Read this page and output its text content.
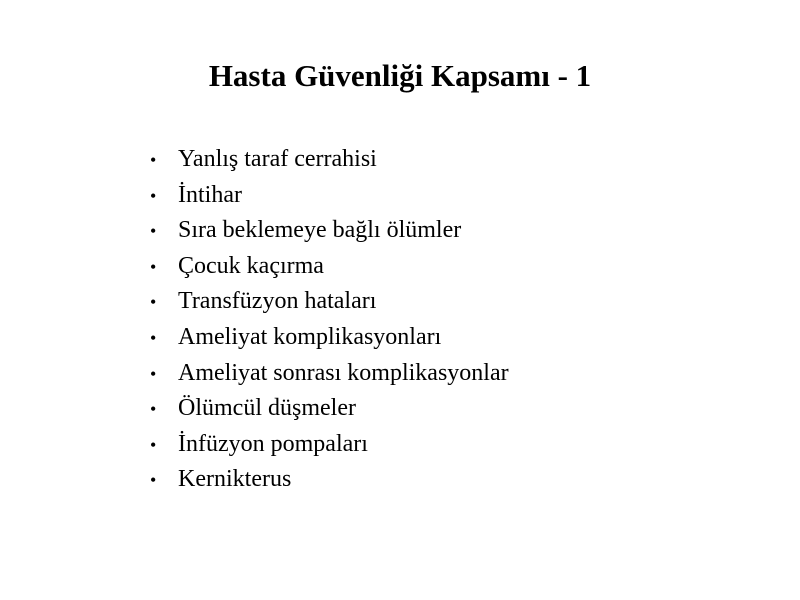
Hasta Güvenliği Kapsamı - 1
• Yanlış taraf cerrahisi
• İntihar
• Sıra beklemeye bağlı ölümler
• Çocuk kaçırma
• Transfüzyon hataları
• Ameliyat komplikasyonları
• Ameliyat sonrası komplikasyonlar
• Ölümcül düşmeler
• İnfüzyon pompaları
• Kernikterus
